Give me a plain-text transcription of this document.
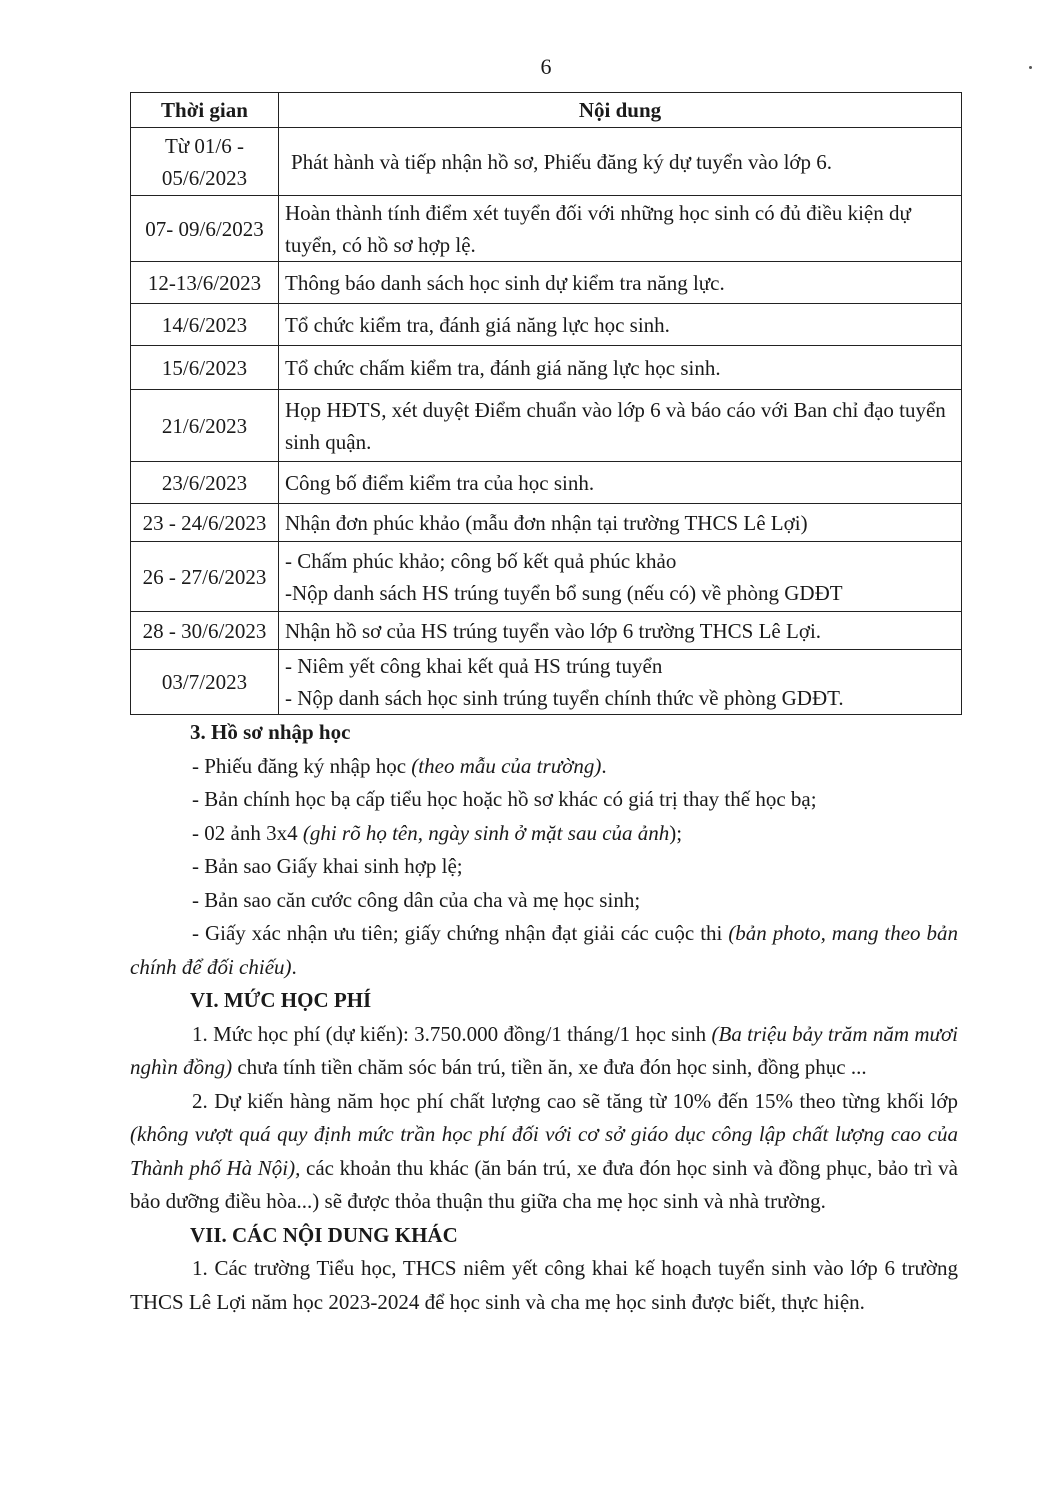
6
Thời gian	Nội dung
Từ 01/6 - 05/6/2023	Phát hành và tiếp nhận hồ sơ, Phiếu đăng ký dự tuyển vào lớp 6.

07- 09/6/2023	Hoàn thành tính điểm xét tuyển đối với những học sinh có đủ điều kiện dự tuyển, có hồ sơ hợp lệ.

12-13/6/2023	Thông báo danh sách học sinh dự kiểm tra năng lực.

14/6/2023	Tổ chức kiểm tra, đánh giá năng lực học sinh.

15/6/2023	Tổ chức chấm kiểm tra, đánh giá năng lực học sinh.

21/6/2023	Họp HĐTS, xét duyệt Điểm chuẩn vào lớp 6 và báo cáo với Ban chỉ đạo tuyển sinh quận.

23/6/2023	Công bố điểm kiểm tra của học sinh.

23 - 24/6/2023	Nhận đơn phúc khảo (mẫu đơn nhận tại trường THCS Lê Lợi)

26 - 27/6/2023	- Chấm phúc khảo; công bố kết quả phúc khảo
-Nộp danh sách HS trúng tuyển bổ sung (nếu có) về phòng GDĐT

28 - 30/6/2023	Nhận hồ sơ của HS trúng tuyển vào lớp 6 trường THCS Lê Lợi.

03/7/2023	- Niêm yết công khai kết quả HS trúng tuyển
- Nộp danh sách học sinh trúng tuyển chính thức về phòng GDĐT.

3. Hồ sơ nhập học

- Phiếu đăng ký nhập học (theo mẫu của trường).

- Bản chính học bạ cấp tiểu học hoặc hồ sơ khác có giá trị thay thế học bạ;

- 02 ảnh 3x4 (ghi rõ họ tên, ngày sinh ở mặt sau của ảnh);

- Bản sao Giấy khai sinh hợp lệ;

- Bản sao căn cước công dân của cha và mẹ học sinh;

- Giấy xác nhận ưu tiên; giấy chứng nhận đạt giải các cuộc thi (bản photo, mang theo bản chính để đối chiếu).

VI. MỨC HỌC PHÍ

1. Mức học phí (dự kiến): 3.750.000 đồng/1 tháng/1 học sinh (Ba triệu bảy trăm năm mươi nghìn đồng) chưa tính tiền chăm sóc bán trú, tiền ăn, xe đưa đón học sinh, đồng phục ...

2. Dự kiến hàng năm học phí chất lượng cao sẽ tăng từ 10% đến 15% theo từng khối lớp (không vượt quá quy định mức trần học phí đối với cơ sở giáo dục công lập chất lượng cao của Thành phố Hà Nội), các khoản thu khác (ăn bán trú, xe đưa đón học sinh và đồng phục, bảo trì và bảo dưỡng điều hòa...) sẽ được thỏa thuận thu giữa cha mẹ học sinh và nhà trường.

VII. CÁC NỘI DUNG KHÁC

1. Các trường Tiểu học, THCS niêm yết công khai kế hoạch tuyển sinh vào lớp 6 trường THCS Lê Lợi năm học 2023-2024 để học sinh và cha mẹ học sinh được biết, thực hiện.
